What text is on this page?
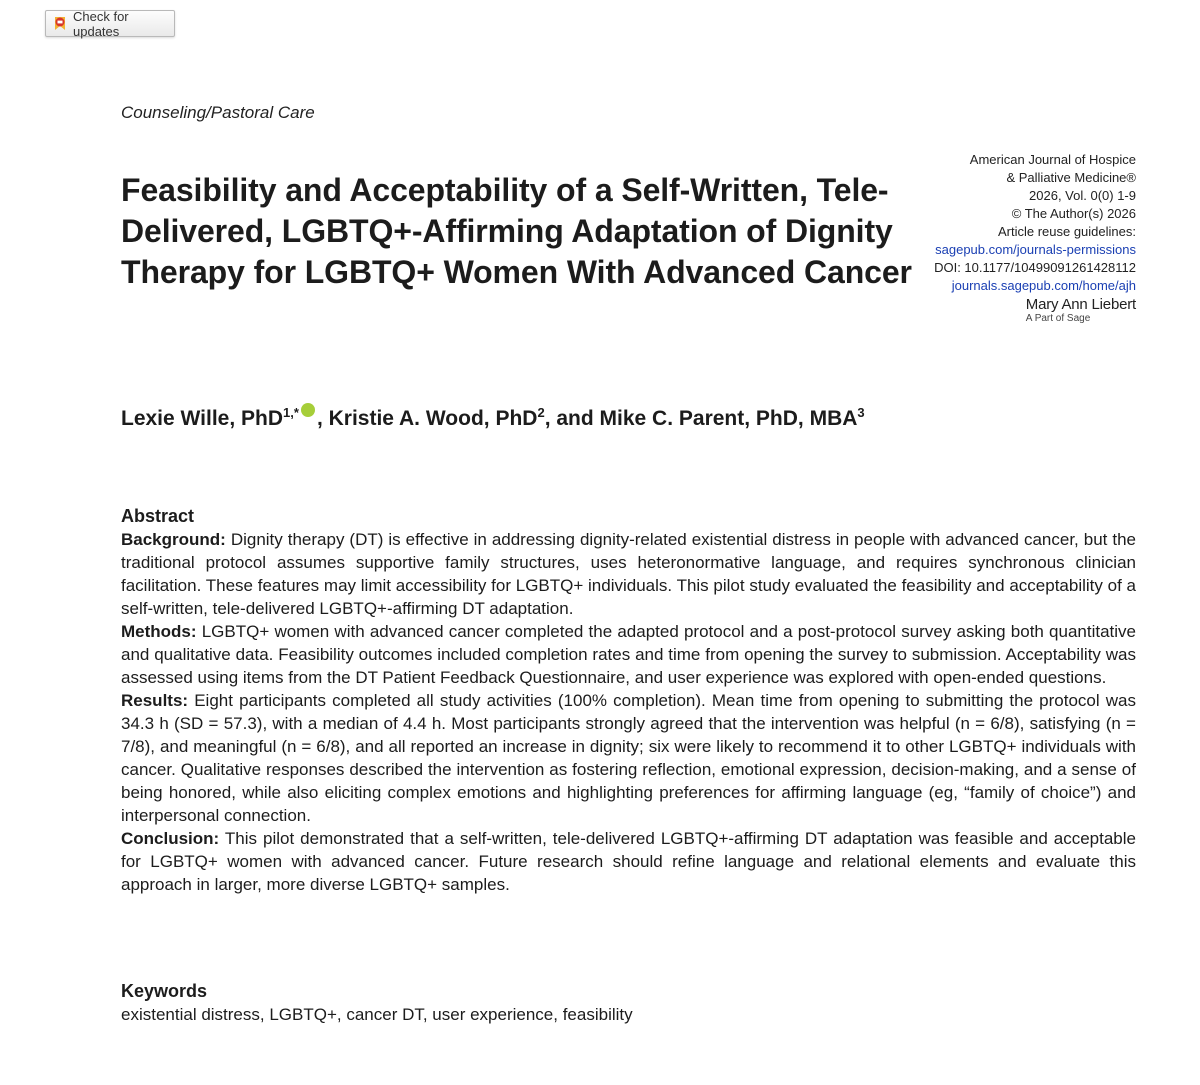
Check for updates
Counseling/Pastoral Care
Feasibility and Acceptability of a Self-Written, Tele-Delivered, LGBTQ+-Affirming Adaptation of Dignity Therapy for LGBTQ+ Women With Advanced Cancer
American Journal of Hospice
& Palliative Medicine®
2026, Vol. 0(0) 1-9
© The Author(s) 2026
Article reuse guidelines:
sagepub.com/journals-permissions
DOI: 10.1177/10499091261428112
journals.sagepub.com/home/ajh
Mary Ann Liebert
A Part of Sage
Lexie Wille, PhD$^{1,*}$ , Kristie A. Wood, PhD$^2$, and Mike C. Parent, PhD, MBA$^3$
Abstract

Background: Dignity therapy (DT) is effective in addressing dignity-related existential distress in people with advanced cancer, but the traditional protocol assumes supportive family structures, uses heteronormative language, and requires synchronous clinician facilitation. These features may limit accessibility for LGBTQ+ individuals. This pilot study evaluated the feasibility and acceptability of a self-written, tele-delivered LGBTQ+-affirming DT adaptation.

Methods: LGBTQ+ women with advanced cancer completed the adapted protocol and a post-protocol survey asking both quantitative and qualitative data. Feasibility outcomes included completion rates and time from opening the survey to submission. Acceptability was assessed using items from the DT Patient Feedback Questionnaire, and user experience was explored with open-ended questions.

Results: Eight participants completed all study activities (100% completion). Mean time from opening to submitting the protocol was 34.3 h (SD = 57.3), with a median of 4.4 h. Most participants strongly agreed that the intervention was helpful (n = 6/8), satisfying (n = 7/8), and meaningful (n = 6/8), and all reported an increase in dignity; six were likely to recommend it to other LGBTQ+ individuals with cancer. Qualitative responses described the intervention as fostering reflection, emotional expression, decision-making, and a sense of being honored, while also eliciting complex emotions and highlighting preferences for affirming language (eg, “family of choice”) and interpersonal connection.

Conclusion: This pilot demonstrated that a self-written, tele-delivered LGBTQ+-affirming DT adaptation was feasible and acceptable for LGBTQ+ women with advanced cancer. Future research should refine language and relational elements and evaluate this approach in larger, more diverse LGBTQ+ samples.

Keywords
existential distress, LGBTQ+, cancer DT, user experience, feasibility
